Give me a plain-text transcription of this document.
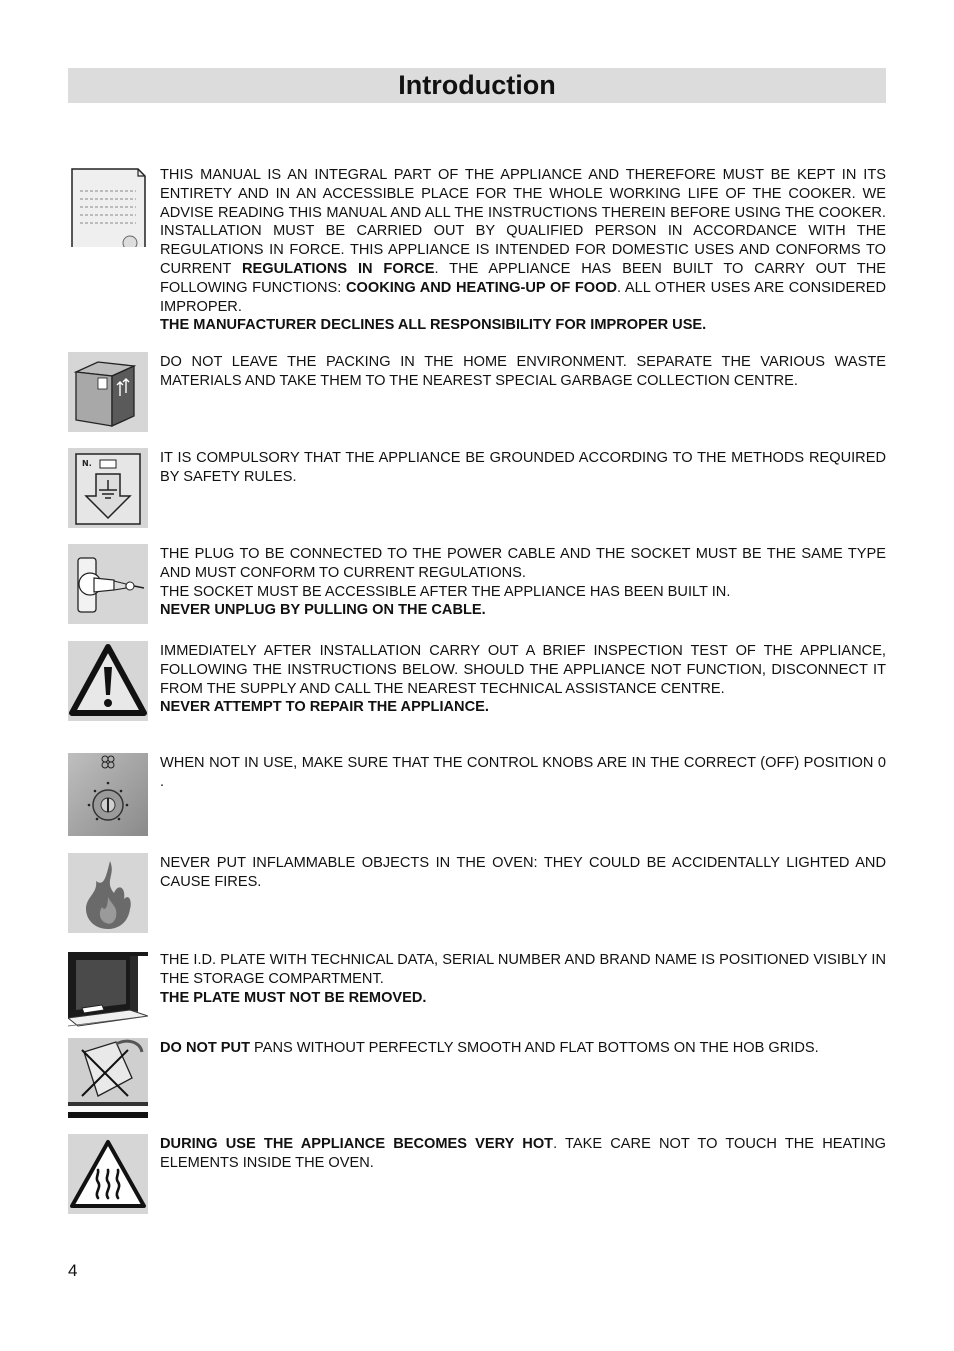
Introduction

THIS MANUAL IS AN INTEGRAL PART OF THE APPLIANCE AND THEREFORE MUST BE KEPT IN ITS ENTIRETY AND IN AN ACCESSIBLE PLACE FOR THE WHOLE WORKING LIFE OF THE COOKER. WE ADVISE READING THIS MANUAL AND ALL THE INSTRUCTIONS THEREIN BEFORE USING THE COOKER. INSTALLATION MUST BE CARRIED OUT BY QUALIFIED PERSON IN ACCORDANCE WITH THE REGULATIONS IN FORCE. THIS APPLIANCE IS INTENDED FOR DOMESTIC USES AND CONFORMS TO CURRENT REGULATIONS IN FORCE. THE APPLIANCE HAS BEEN BUILT TO CARRY OUT THE FOLLOWING FUNCTIONS: COOKING AND HEATING-UP OF FOOD. ALL OTHER USES ARE CONSIDERED IMPROPER.

THE MANUFACTURER DECLINES ALL RESPONSIBILITY FOR IMPROPER USE.

DO NOT LEAVE THE PACKING IN THE HOME ENVIRONMENT. SEPARATE THE VARIOUS WASTE MATERIALS AND TAKE THEM TO THE NEAREST SPECIAL GARBAGE COLLECTION CENTRE.

N.	IT IS COMPULSORY THAT THE APPLIANCE BE GROUNDED ACCORDING TO THE METHODS REQUIRED BY SAFETY RULES.

THE PLUG TO BE CONNECTED TO THE POWER CABLE AND THE SOCKET MUST BE THE SAME TYPE AND MUST CONFORM TO CURRENT REGULATIONS.

THE SOCKET MUST BE ACCESSIBLE AFTER THE APPLIANCE HAS BEEN BUILT IN.

NEVER UNPLUG BY PULLING ON THE CABLE.

IMMEDIATELY AFTER INSTALLATION CARRY OUT A BRIEF INSPECTION TEST OF THE APPLIANCE, FOLLOWING THE INSTRUCTIONS BELOW. SHOULD THE APPLIANCE NOT FUNCTION, DISCONNECT IT FROM THE SUPPLY AND CALL THE NEAREST TECHNICAL ASSISTANCE CENTRE.

NEVER ATTEMPT TO REPAIR THE APPLIANCE.

WHEN NOT IN USE, MAKE SURE THAT THE CONTROL KNOBS ARE IN THE CORRECT (OFF) POSITION 0 .

NEVER PUT INFLAMMABLE OBJECTS IN THE OVEN: THEY COULD BE ACCIDENTALLY LIGHTED AND CAUSE FIRES.

THE I.D. PLATE WITH TECHNICAL DATA, SERIAL NUMBER AND BRAND NAME IS POSITIONED VISIBLY IN THE STORAGE COMPARTMENT.

THE PLATE MUST NOT BE REMOVED.

DO NOT PUT PANS WITHOUT PERFECTLY SMOOTH AND FLAT BOTTOMS ON THE HOB GRIDS.

DURING USE THE APPLIANCE BECOMES VERY HOT. TAKE CARE NOT TO TOUCH THE HEATING ELEMENTS INSIDE THE OVEN.

4
